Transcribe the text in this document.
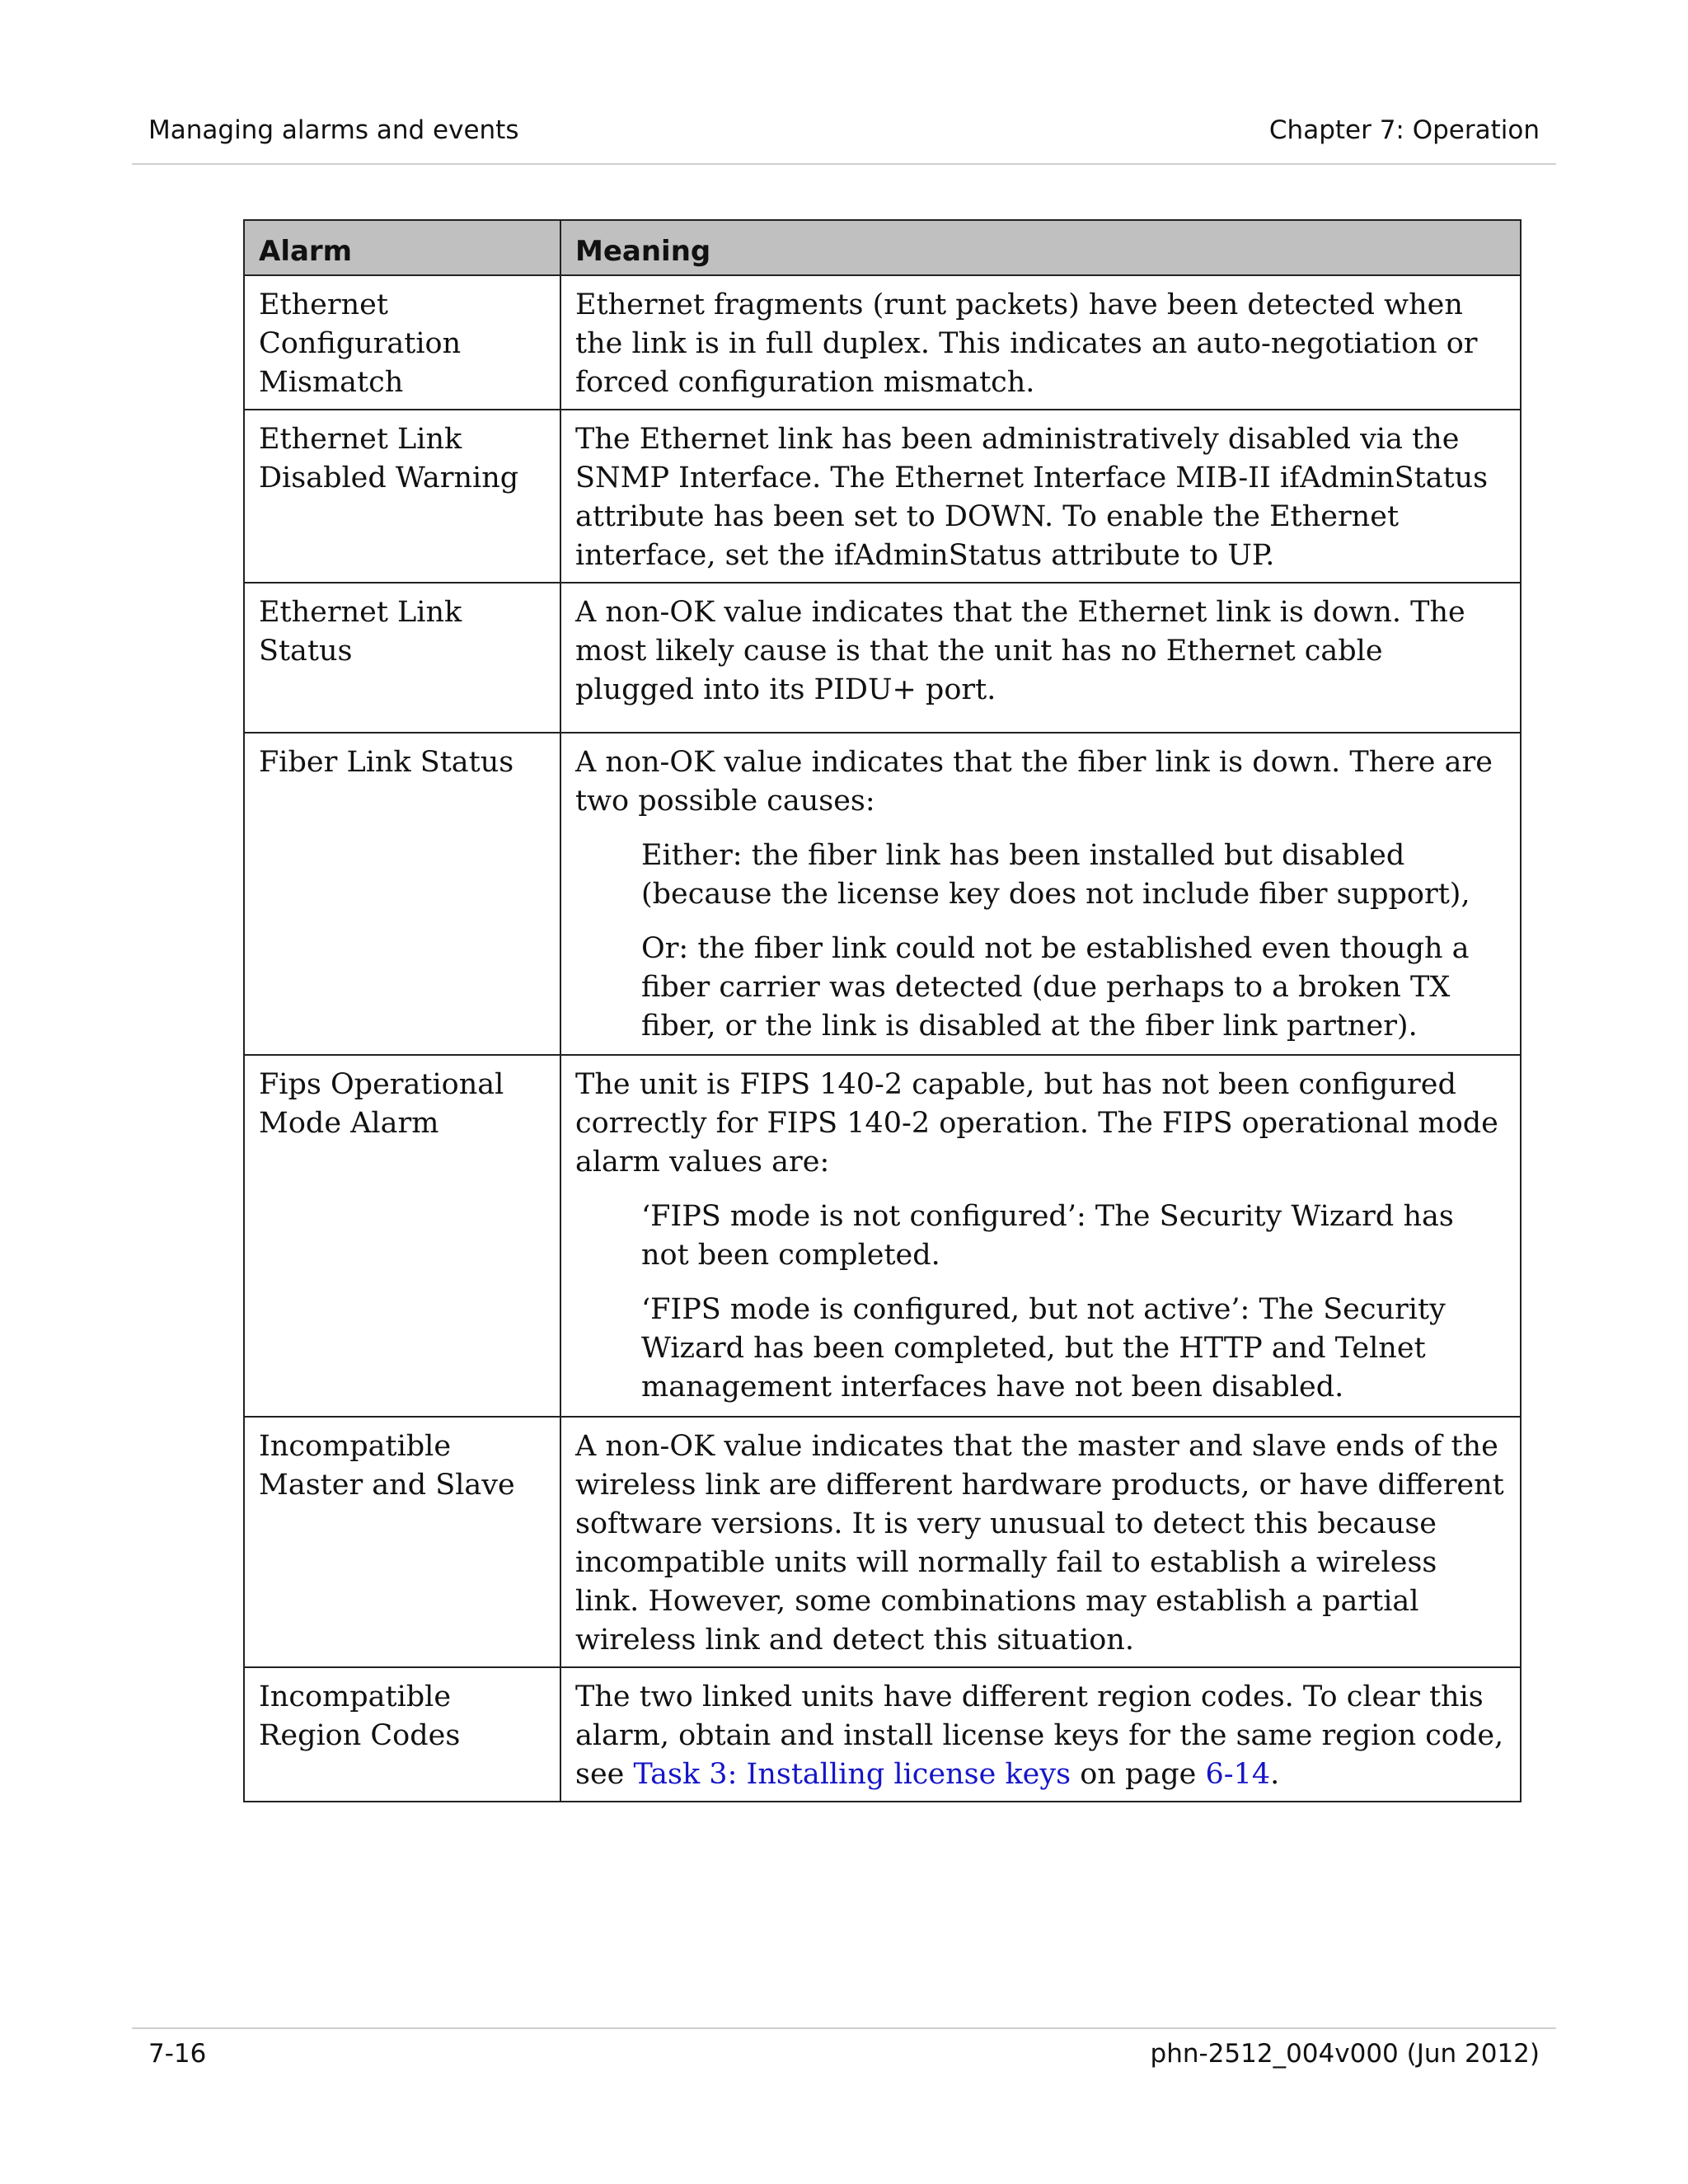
Managing alarms and events	Chapter 7: Operation
Alarm	Meaning
Ethernet Configuration Mismatch	Ethernet fragments (runt packets) have been detected when the link is in full duplex. This indicates an auto-negotiation or forced configuration mismatch.
Ethernet Link Disabled Warning	The Ethernet link has been administratively disabled via the SNMP Interface. The Ethernet Interface MIB-II ifAdminStatus attribute has been set to DOWN. To enable the Ethernet interface, set the ifAdminStatus attribute to UP.
Ethernet Link Status	A non-OK value indicates that the Ethernet link is down. The most likely cause is that the unit has no Ethernet cable plugged into its PIDU+ port.
Fiber Link Status	A non-OK value indicates that the fiber link is down. There are two possible causes:

Either: the fiber link has been installed but disabled (because the license key does not include fiber support),

Or: the fiber link could not be established even though a fiber carrier was detected (due perhaps to a broken TX fiber, or the link is disabled at the fiber link partner).

Fips Operational Mode Alarm	The unit is FIPS 140-2 capable, but has not been configured correctly for FIPS 140-2 operation. The FIPS operational mode alarm values are:

‘FIPS mode is not configured’: The Security Wizard has not been completed.

‘FIPS mode is configured, but not active’: The Security Wizard has been completed, but the HTTP and Telnet management interfaces have not been disabled.

Incompatible Master and Slave	A non-OK value indicates that the master and slave ends of the wireless link are different hardware products, or have different software versions. It is very unusual to detect this because incompatible units will normally fail to establish a wireless link. However, some combinations may establish a partial wireless link and detect this situation.
Incompatible Region Codes	The two linked units have different region codes. To clear this alarm, obtain and install license keys for the same region code, see Task 3: Installing license keys on page 6-14.
7-16	phn-2512_004v000 (Jun 2012)
